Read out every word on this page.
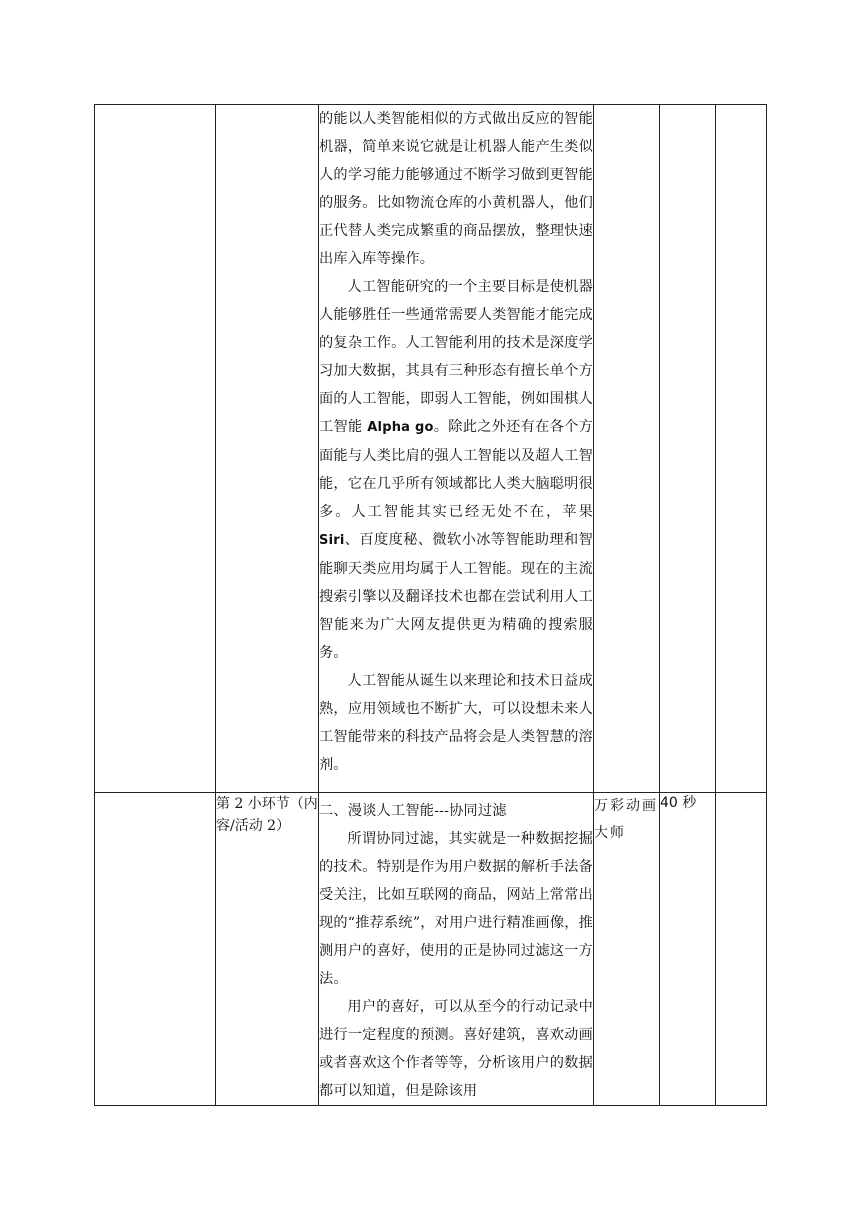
		的能以人类智能相似的方式做出反应的智能机器，简单来说它就是让机器人能产生类似人的学习能力能够通过不断学习做到更智能的服务。比如物流仓库的小黄机器人，他们正代替人类完成繁重的商品摆放，整理快速出库入库等操作。

人工智能研究的一个主要目标是使机器人能够胜任一些通常需要人类智能才能完成的复杂工作。人工智能利用的技术是深度学习加大数据，其具有三种形态有擅长单个方面的人工智能，即弱人工智能，例如围棋人工智能 Alpha go。除此之外还有在各个方面能与人类比肩的强人工智能以及超人工智能，它在几乎所有领域都比人类大脑聪明很多。人工智能其实已经无处不在，苹果 Siri、百度度秘、微软小冰等智能助理和智能聊天类应用均属于人工智能。现在的主流搜索引擎以及翻译技术也都在尝试利用人工智能来为广大网友提供更为精确的搜索服务。

人工智能从诞生以来理论和技术日益成熟，应用领域也不断扩大，可以设想未来人工智能带来的科技产品将会是人类智慧的溶剂。			

	第 2 小环节（内容/活动 2）	二、漫谈人工智能---协同过滤

所谓协同过滤，其实就是一种数据挖掘的技术。特别是作为用户数据的解析手法备受关注，比如互联网的商品，网站上常常出现的“推荐系统”，对用户进行精准画像，推测用户的喜好，使用的正是协同过滤这一方法。

用户的喜好，可以从至今的行动记录中进行一定程度的预测。喜好建筑，喜欢动画或者喜欢这个作者等等，分析该用户的数据都可以知道，但是除该用	万彩动画大师	40 秒	
